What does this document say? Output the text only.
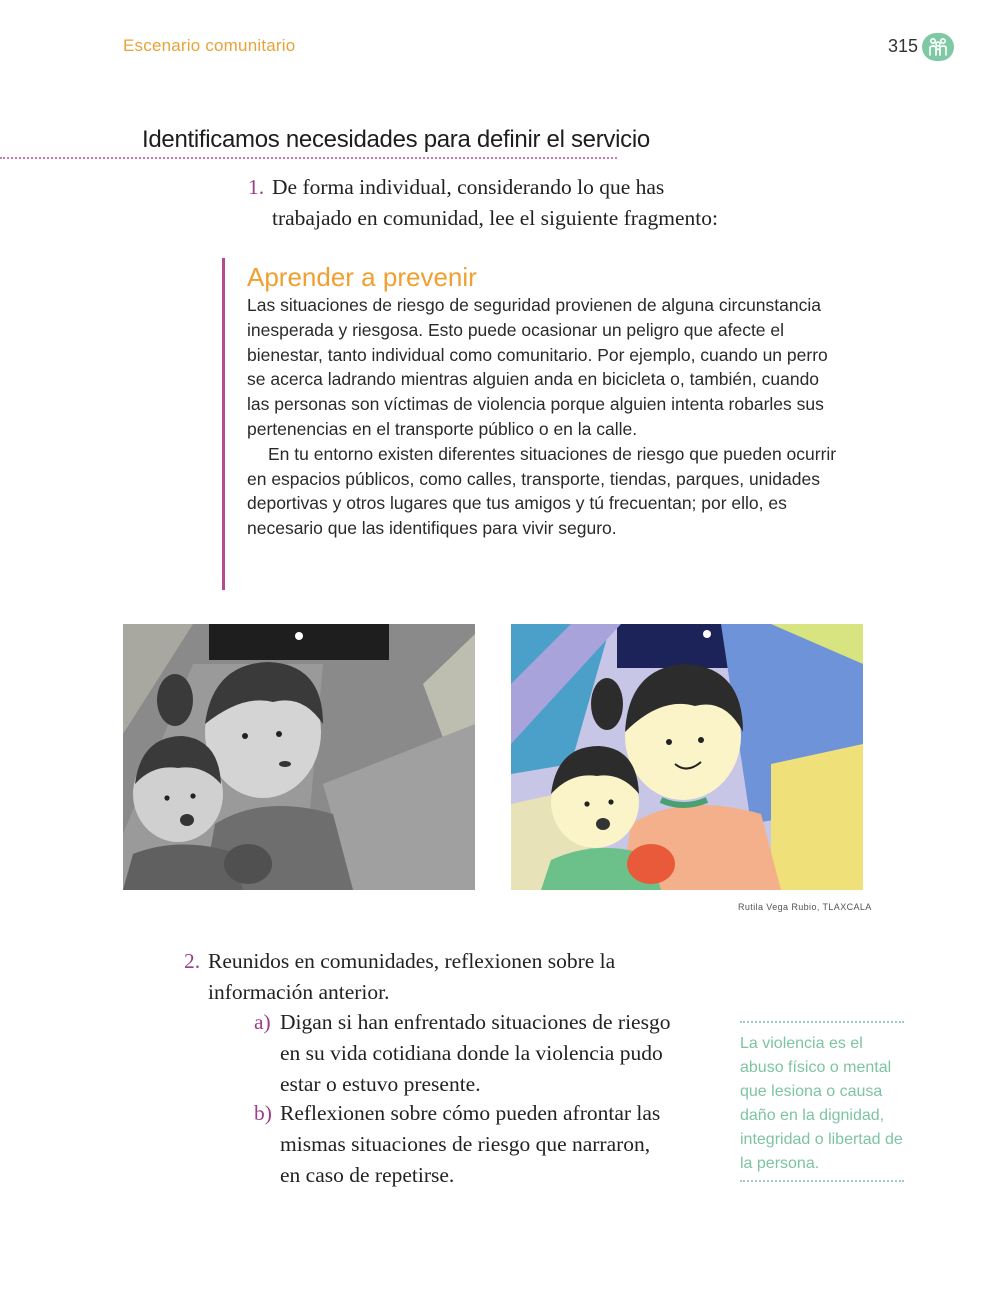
Escenario comunitario	315
Identificamos necesidades para definir el servicio
1. De forma individual, considerando lo que has trabajado en comunidad, lee el siguiente fragmento:
Aprender a prevenir

Las situaciones de riesgo de seguridad provienen de alguna circunstancia inesperada y riesgosa. Esto puede ocasionar un peligro que afecte el bienestar, tanto individual como comunitario. Por ejemplo, cuando un perro se acerca ladrando mientras alguien anda en bicicleta o, también, cuando las personas son víctimas de violencia porque alguien intenta robarles sus pertenencias en el transporte público o en la calle.

En tu entorno existen diferentes situaciones de riesgo que pueden ocurrir en espacios públicos, como calles, transporte, tiendas, parques, unidades deportivas y otros lugares que tus amigos y tú frecuentan; por ello, es necesario que las identifiques para vivir seguro.

Rutila Vega Rubio, TLAXCALA
2. Reunidos en comunidades, reflexionen sobre la información anterior.
a) Digan si han enfrentado situaciones de riesgo en su vida cotidiana donde la violencia pudo estar o estuvo presente.
b) Reflexionen sobre cómo pueden afrontar las mismas situaciones de riesgo que narraron, en caso de repetirse.
La violencia es el abuso físico o mental que lesiona o causa daño en la dignidad, integridad o libertad de la persona.
